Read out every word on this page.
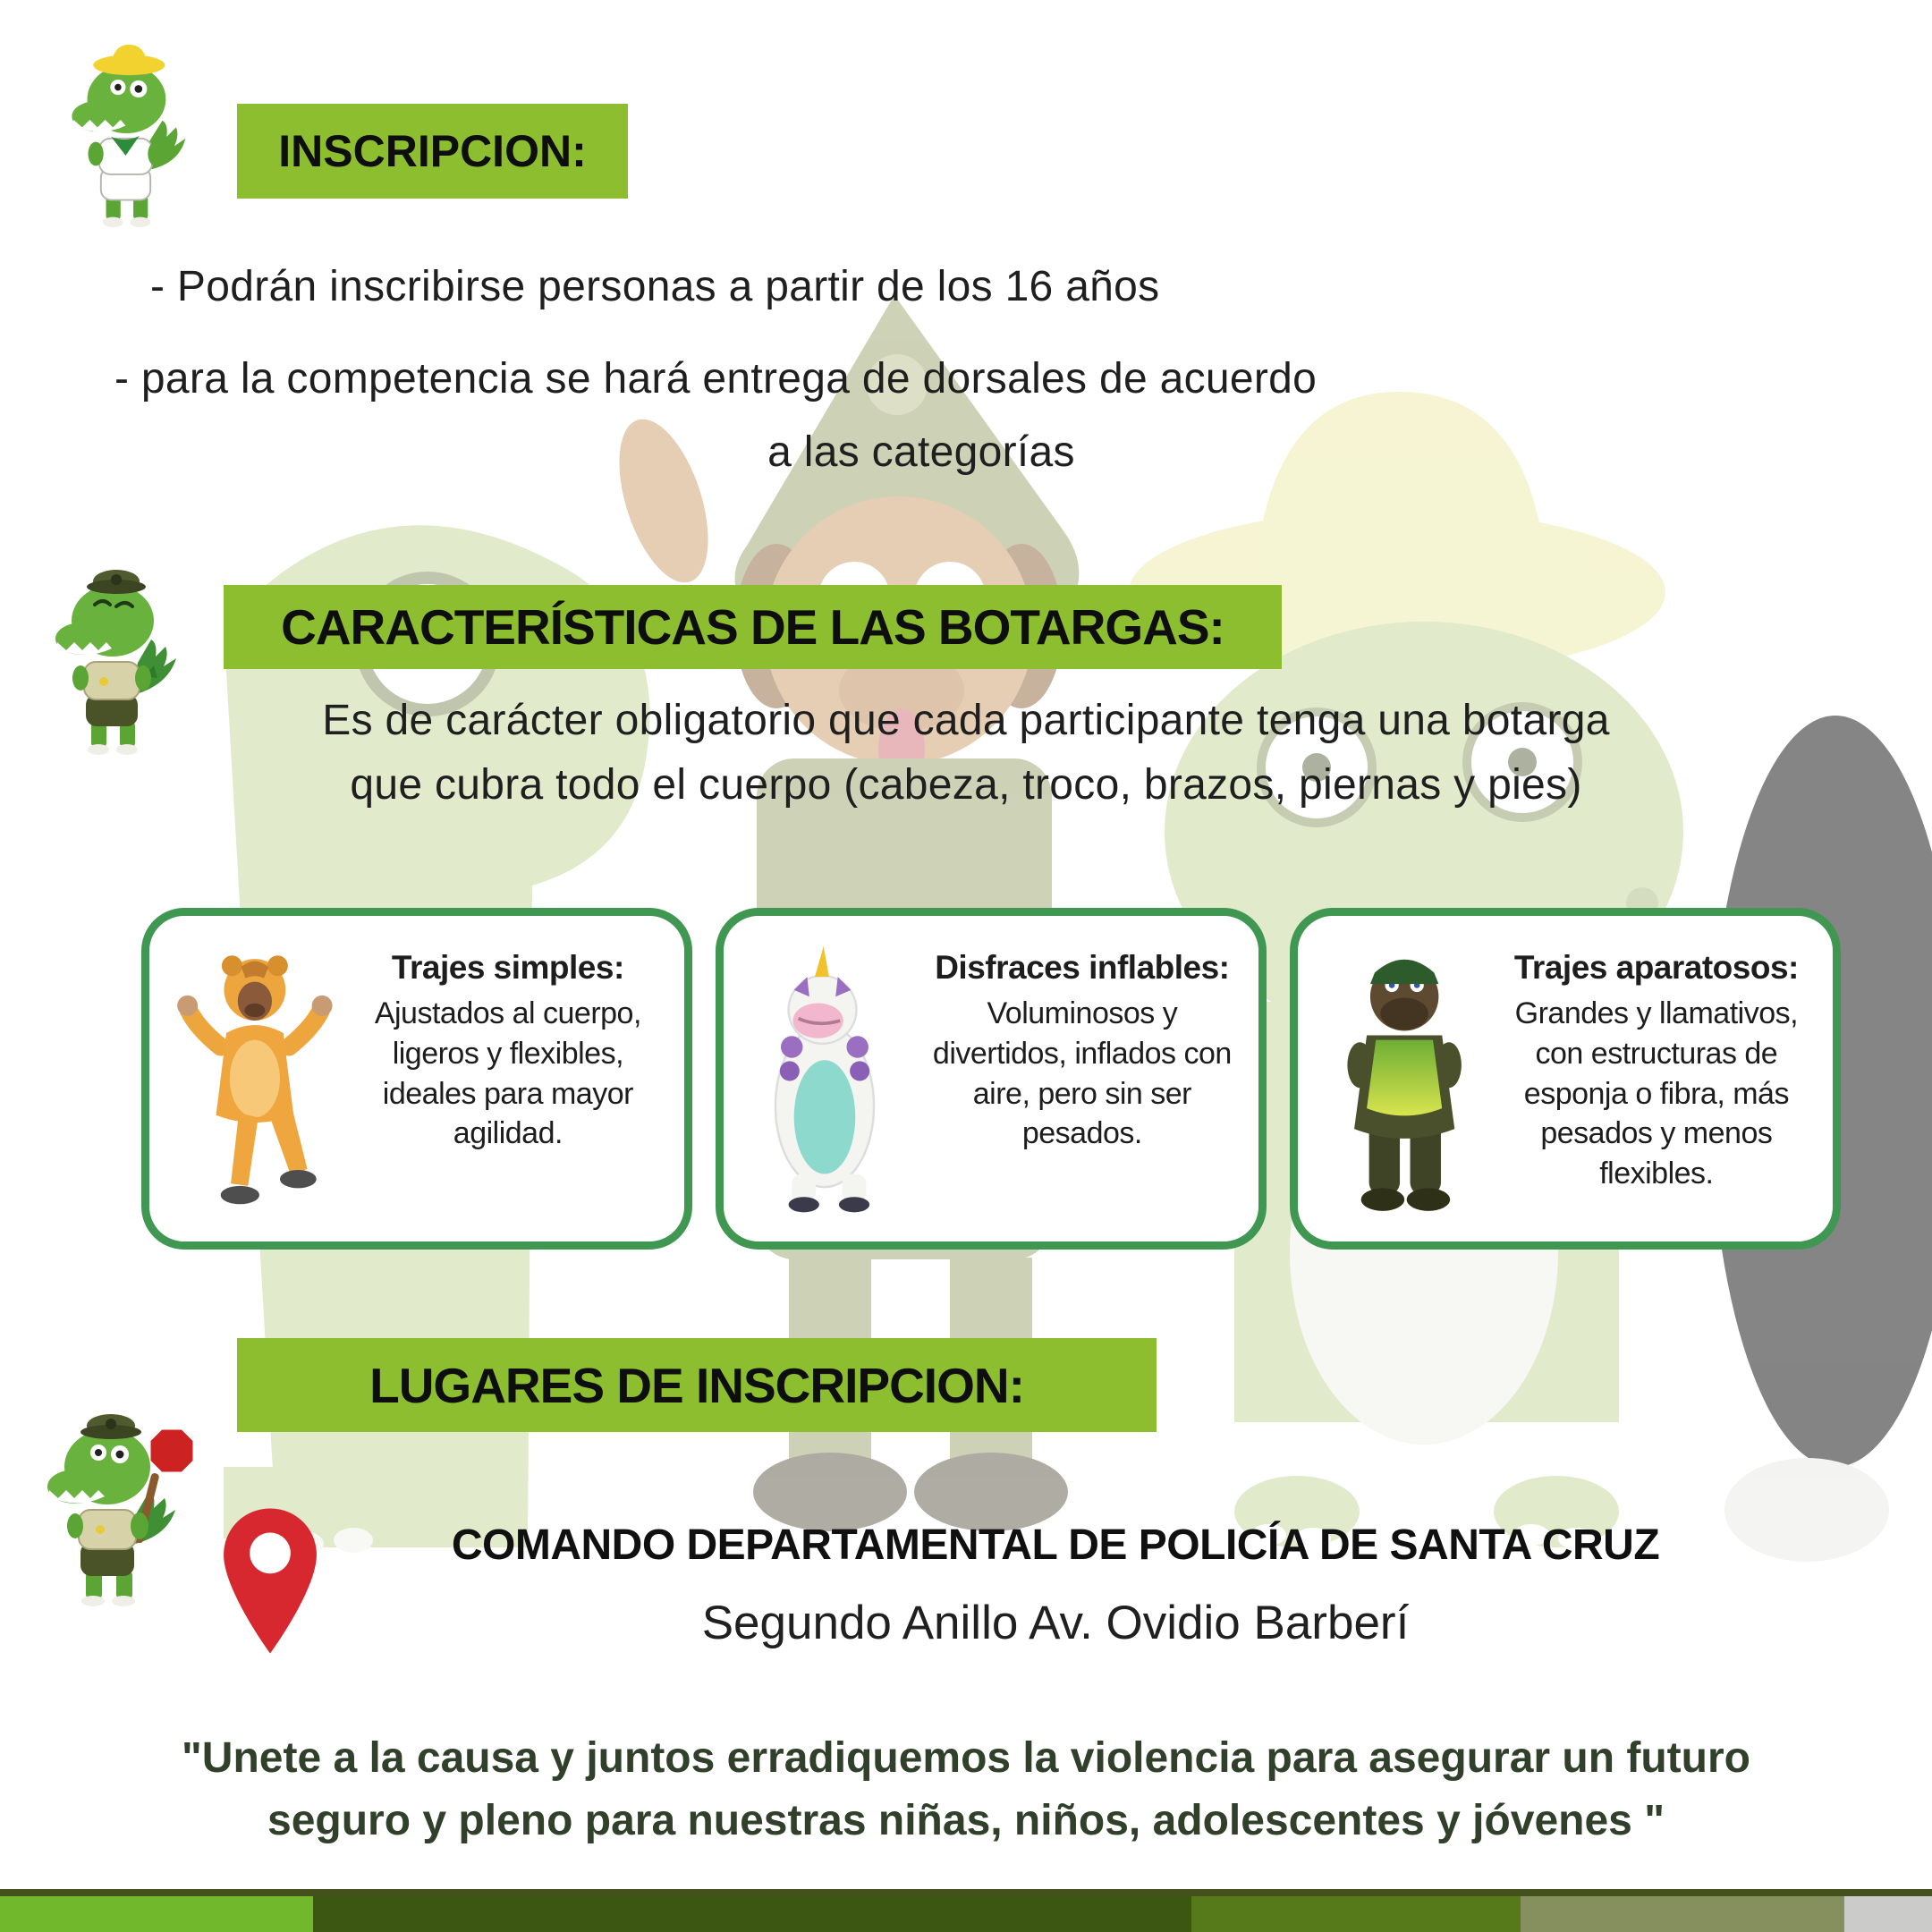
INSCRIPCION:
- Podrán inscribirse personas a partir de los 16 años
- para la competencia se hará entrega de dorsales de acuerdo
a las categorías
CARACTERÍSTICAS DE LAS BOTARGAS:
Es de carácter obligatorio que cada participante tenga una botarga
que cubra todo el cuerpo (cabeza, troco, brazos, piernas y pies)
Trajes simples:
Ajustados al cuerpo, ligeros y flexibles, ideales para mayor agilidad.
Disfraces inflables:
Voluminosos y divertidos, inflados con aire, pero sin ser pesados.
Trajes aparatosos:
Grandes y llamativos, con estructuras de esponja o fibra, más pesados y menos flexibles.
LUGARES DE INSCRIPCION:
COMANDO DEPARTAMENTAL DE POLICÍA DE SANTA CRUZ
Segundo Anillo Av. Ovidio Barberí
"Unete a la causa y juntos erradiquemos la violencia para asegurar un futuro
seguro y pleno para nuestras niñas, niños, adolescentes y jóvenes "
